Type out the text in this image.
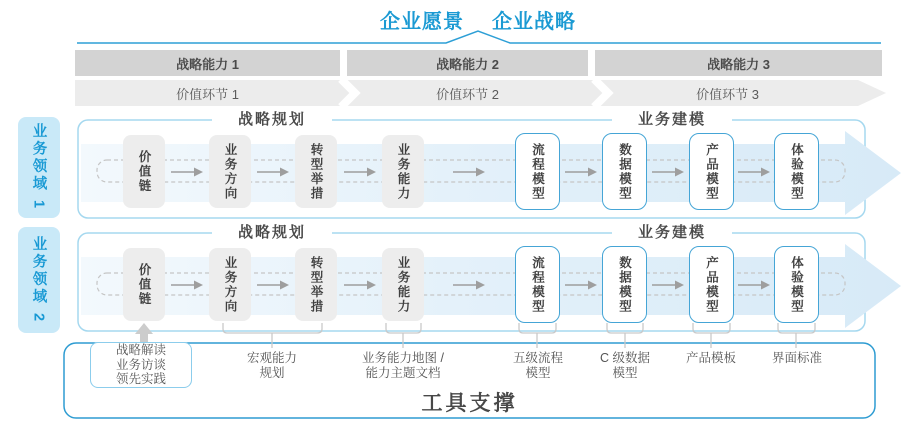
企业愿景 企业战略
战略能力 1	战略能力 2	战略能力 3
价值环节 1	价值环节 2	价值环节 3
业务领域 1
业务领域 2
战略规划	业务建模
战略规划	业务建模
价值链	业务方向	转型举措	业务能力	流程模型	数据模型	产品模型	体验模型
价值链	业务方向	转型举措	业务能力	流程模型	数据模型	产品模型	体验模型
战略解读
业务访谈
领先实践
宏观能力
规划
业务能力地图 /
能力主题文档
五级流程
模型
C 级数据
模型
产品模板	界面标准
工具支撑
